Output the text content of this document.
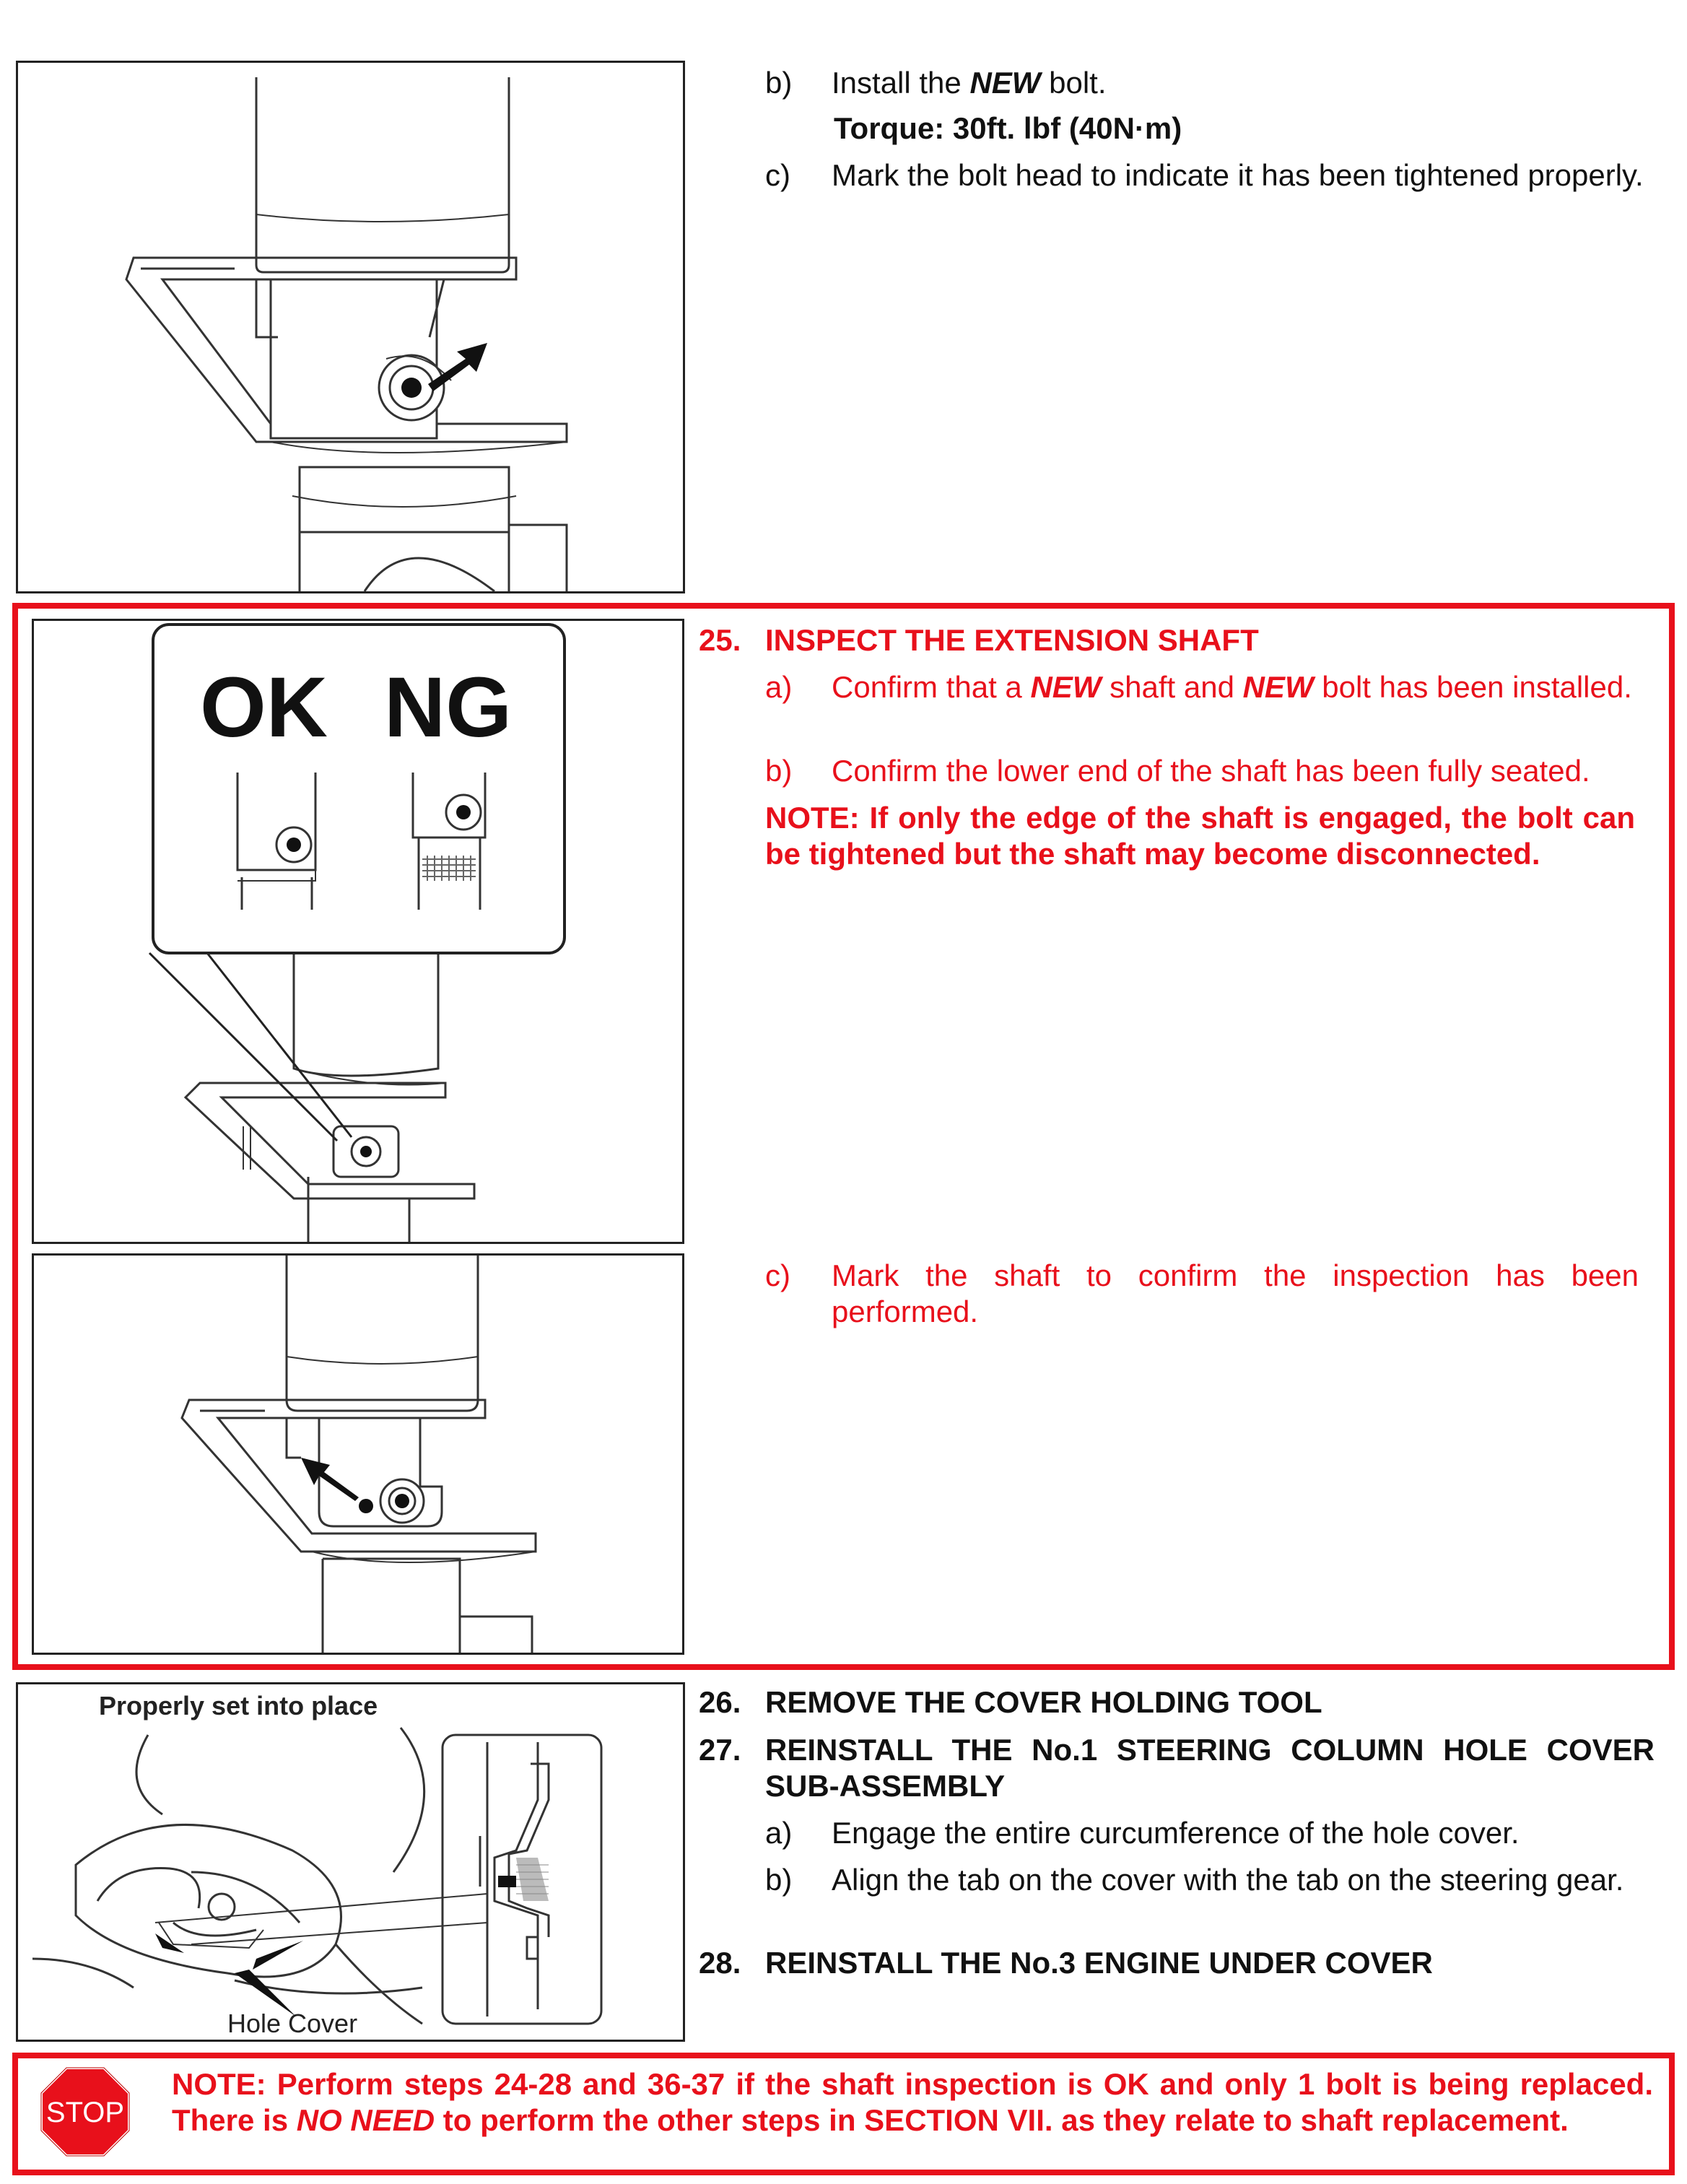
b)	Install the NEW bolt.
Torque: 30ft. lbf (40N·m)
c)	Mark the bolt head to indicate it has been tightened properly.
OK NG
25. INSPECT THE EXTENSION SHAFT
a)	Confirm that a NEW shaft and NEW bolt has been installed.
b)	Confirm the lower end of the shaft has been fully seated.
NOTE: If only the edge of the shaft is engaged, the bolt can be tightened but the shaft may become disconnected.
c)	Mark the shaft to confirm the inspection has been performed.
Properly set into place
Hole Cover
26. REMOVE THE COVER HOLDING TOOL
27. REINSTALL THE No.1 STEERING COLUMN HOLE COVER SUB-ASSEMBLY
a)	Engage the entire curcumference of the hole cover.
b)	Align the tab on the cover with the tab on the steering gear.
28. REINSTALL THE No.3 ENGINE UNDER COVER
STOP
NOTE: Perform steps 24-28 and 36-37 if the shaft inspection is OK and only 1 bolt is being replaced. There is NO NEED to perform the other steps in SECTION VII. as they relate to shaft replacement.
